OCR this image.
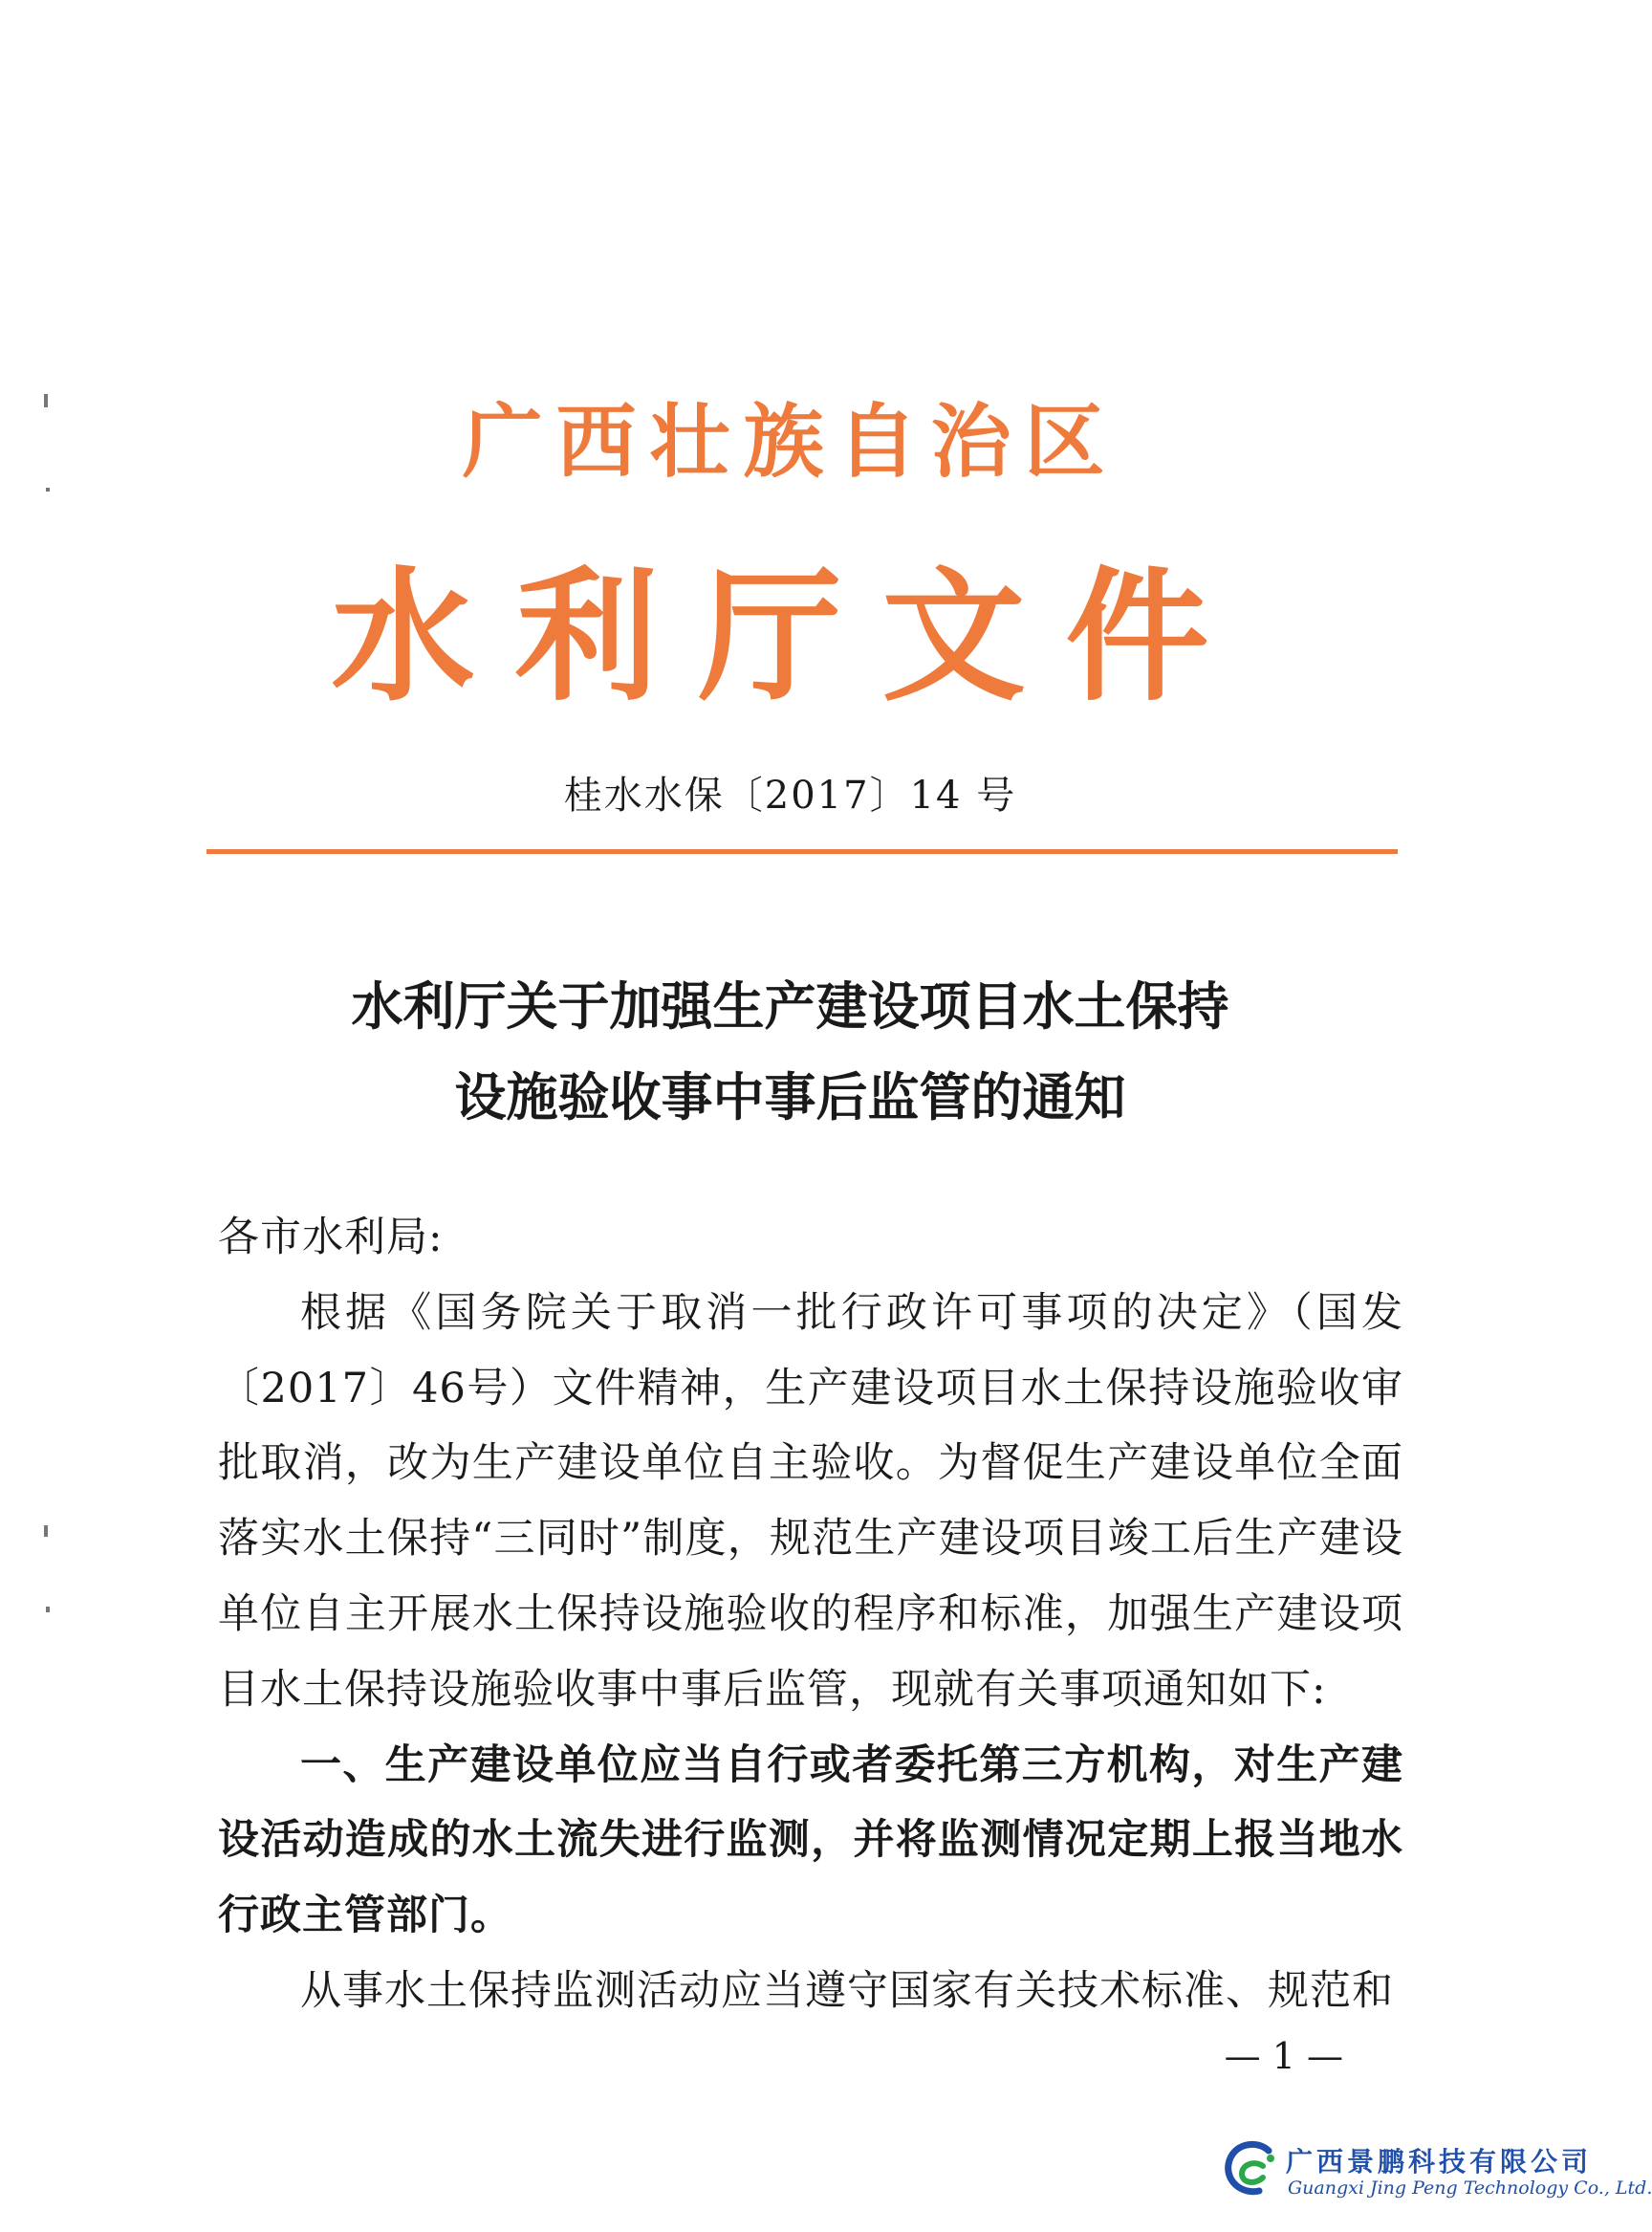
广西壮族自治区
水利厅文件
桂水水保〔2017〕14 号
水利厅关于加强生产建设项目水土保持
设施验收事中事后监管的通知

各市水利局:

根据《国务院关于取消一批行政许可事项的决定》（国发〔2017〕46号）文件精神，生产建设项目水土保持设施验收审批取消，改为生产建设单位自主验收。为督促生产建设单位全面落实水土保持“三同时”制度，规范生产建设项目竣工后生产建设单位自主开展水土保持设施验收的程序和标准，加强生产建设项目水土保持设施验收事中事后监管，现就有关事项通知如下:

一、生产建设单位应当自行或者委托第三方机构，对生产建设活动造成的水土流失进行监测，并将监测情况定期上报当地水行政主管部门。

从事水土保持监测活动应当遵守国家有关技术标准、规范和

— 1 —
广西景鹏科技有限公司
Guangxi Jing Peng Technology Co., Ltd.
